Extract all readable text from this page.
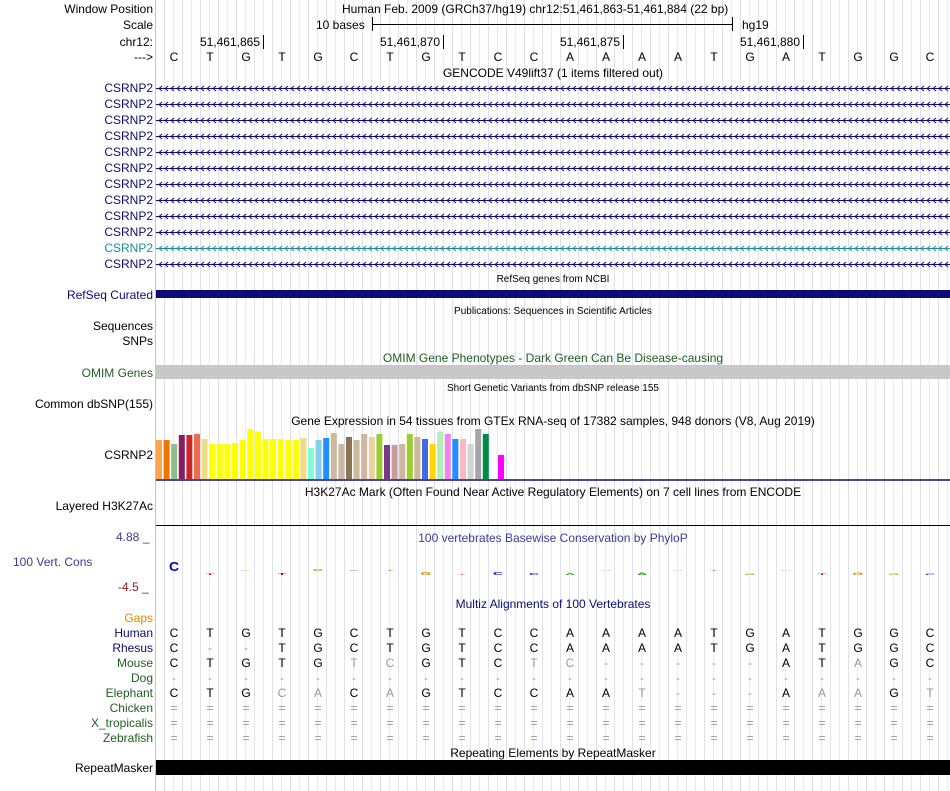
Window Position	Human Feb. 2009 (GRCh37/hg19) chr12:51,461,863-51,461,884 (22 bp)
Scale	10 bases	hg19
chr12:	51,461,865	51,461,870	51,461,875	51,461,880
--->	C	T	G	T	G	C	T	G	T	C	C	A	A	A	A	T	G	A	T	G	G	C
GENCODE V49lift37 (1 items filtered out)
CSRNP2
CSRNP2
CSRNP2
CSRNP2
CSRNP2
CSRNP2
CSRNP2
CSRNP2
CSRNP2
CSRNP2
CSRNP2
CSRNP2
RefSeq genes from NCBI
RefSeq Curated
Publications: Sequences in Scientific Articles
Sequences
SNPs
OMIM Gene Phenotypes - Dark Green Can Be Disease-causing
OMIM Genes
Short Genetic Variants from dbSNP release 155
Common dbSNP(155)
Gene Expression in 54 tissues from GTEx RNA-seq of 17382 samples, 948 donors (V8, Aug 2019)
CSRNP2
H3K27Ac Mark (Often Found Near Active Regulatory Elements) on 7 cell lines from ENCODE
Layered H3K27Ac
100 vertebrates Basewise Conservation by PhyloP
4.88 _
100 Vert. Cons
-4.5 _
C
T
G
T
G C T
G T C C A
A
A
A T
G
A
T G G C
Multiz Alignments of 100 Vertebrates
Gaps
Human	C	T	G	T	G	C	T	G	T	C	C	A	A	A	A	T	G	A	T	G	G	C
Rhesus	C	-	-	T	G	C	T	G	T	C	C	A	A	A	A	T	G	A	T	G	G	C
Mouse	C	T	G	T	G	T	C	G	T	C	T	C	-	-	-	-	-	A	T	A	G	C
Dog	-	-	-	-	-	-	-	-	-	-	-	-	-	-	-	-	-	-	-	-	-	-
Elephant	C	T	G	C	A	C	A	G	T	C	C	A	A	T	-	-	-	A	A	A	G	T
Chicken	=	=	=	=	=	=	=	=	=	=	=	=	=	=	=	=	=	=	=	=	=	=
X_tropicalis	=	=	=	=	=	=	=	=	=	=	=	=	=	=	=	=	=	=	=	=	=	=
Zebrafish	=	=	=	=	=	=	=	=	=	=	=	=	=	=	=	=	=	=	=	=	=	=
Repeating Elements by RepeatMasker
RepeatMasker
